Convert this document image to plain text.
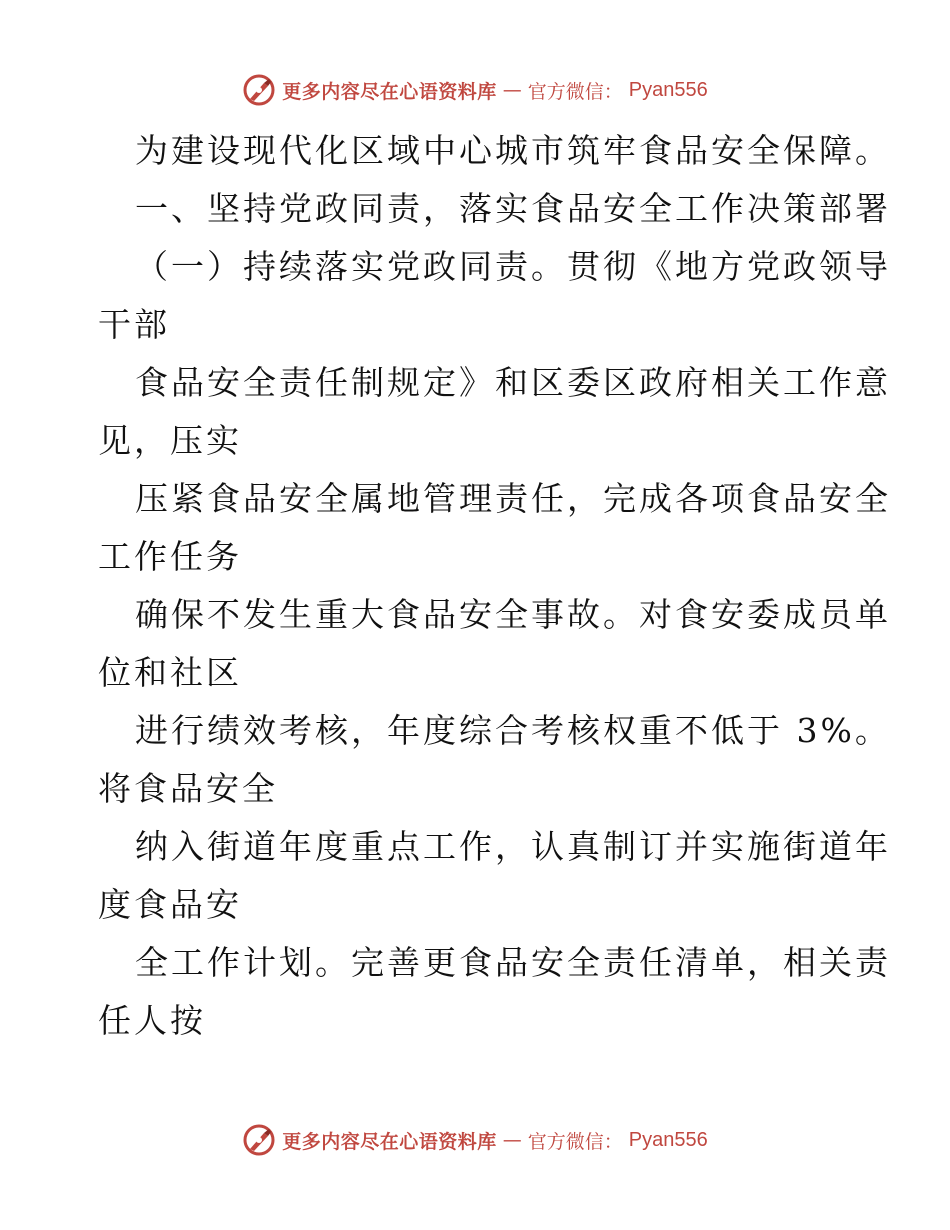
更多内容尽在心语资料库 — 官方微信： Pyan556
为建设现代化区域中心城市筑牢食品安全保障。
一、坚持党政同责，落实食品安全工作决策部署
（一）持续落实党政同责。贯彻《地方党政领导
干部
食品安全责任制规定》和区委区政府相关工作意
见，压实
压紧食品安全属地管理责任，完成各项食品安全
工作任务
确保不发生重大食品安全事故。对食安委成员单
位和社区
进行绩效考核，年度综合考核权重不低于 3%。
将食品安全
纳入街道年度重点工作，认真制订并实施街道年
度食品安
全工作计划。完善更食品安全责任清单，相关责
任人按
更多内容尽在心语资料库 — 官方微信： Pyan556
